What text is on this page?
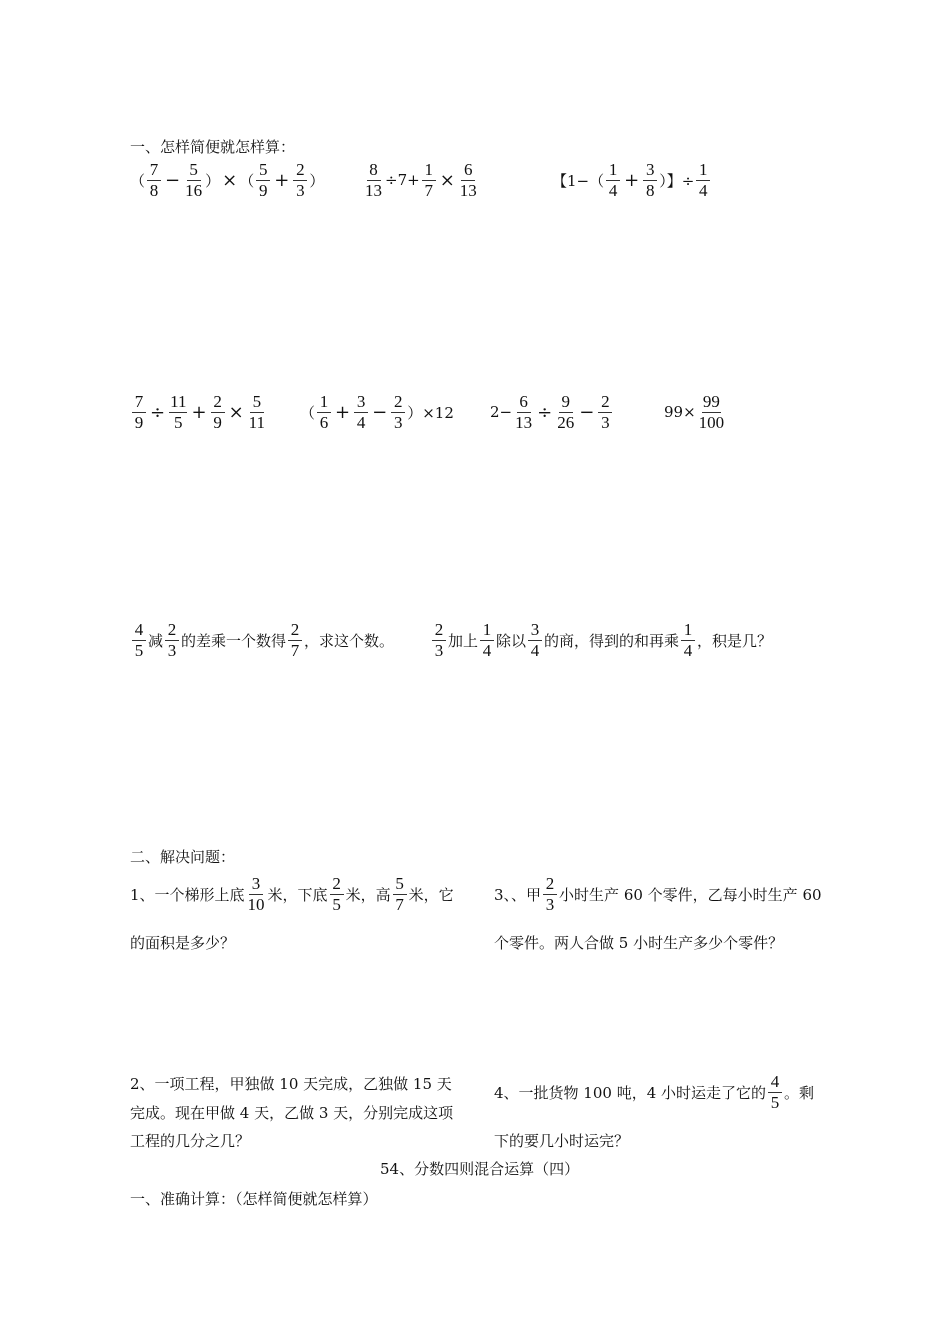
一、怎样简便就怎样算：
（ $\frac{7}{8} - \frac{5}{16}$ ） × （ $\frac{5}{9} + \frac{2}{3}$ ） $\frac{8}{13} \div 7+ \frac{1}{7} \times \frac{6}{13}$	【$1-( \frac{1}{4} + \frac{3}{8}$ ）】÷ $\frac{1}{4}$
$\frac{7}{9} \div \frac{11}{5} + \frac{2}{9} \times \frac{5}{11}$ （ $\frac{1}{6} + \frac{3}{4} - \frac{2}{3} )\times 12$ $2- \frac{6}{13} \div \frac{9}{26} - \frac{2}{3}$	$99\times \frac{99}{100}$
$\frac{4}{5}$ 减 $\frac{2}{3}$ 的差乘一个数得 $\frac{2}{7}$ ，求这个数。 $\frac{2}{3}$ 加上 $\frac{1}{4}$ 除以 $\frac{3}{4}$ 的商，得到的和再乘 $\frac{1}{4}$ ，积是几？
二、解决问题：
1、一个梯形上底 $\frac{3}{10}$ 米，下底 $\frac{2}{5}$ 米，高 $\frac{5}{7}$ 米，它
的面积是多少？
3、、甲 $\frac{2}{3}$ 小时生产 60 个零件，乙每小时生产 60
个零件。两人合做 5 小时生产多少个零件？
2、一项工程，甲独做 10 天完成，乙独做 15 天
完成。现在甲做 4 天，乙做 3 天，分别完成这项
工程的几分之几？
4、一批货物 100 吨，4 小时运走了它的 $\frac{4}{5}$ 。剩
下的要几小时运完？
54、分数四则混合运算（四）
一、准确计算：（怎样简便就怎样算）
